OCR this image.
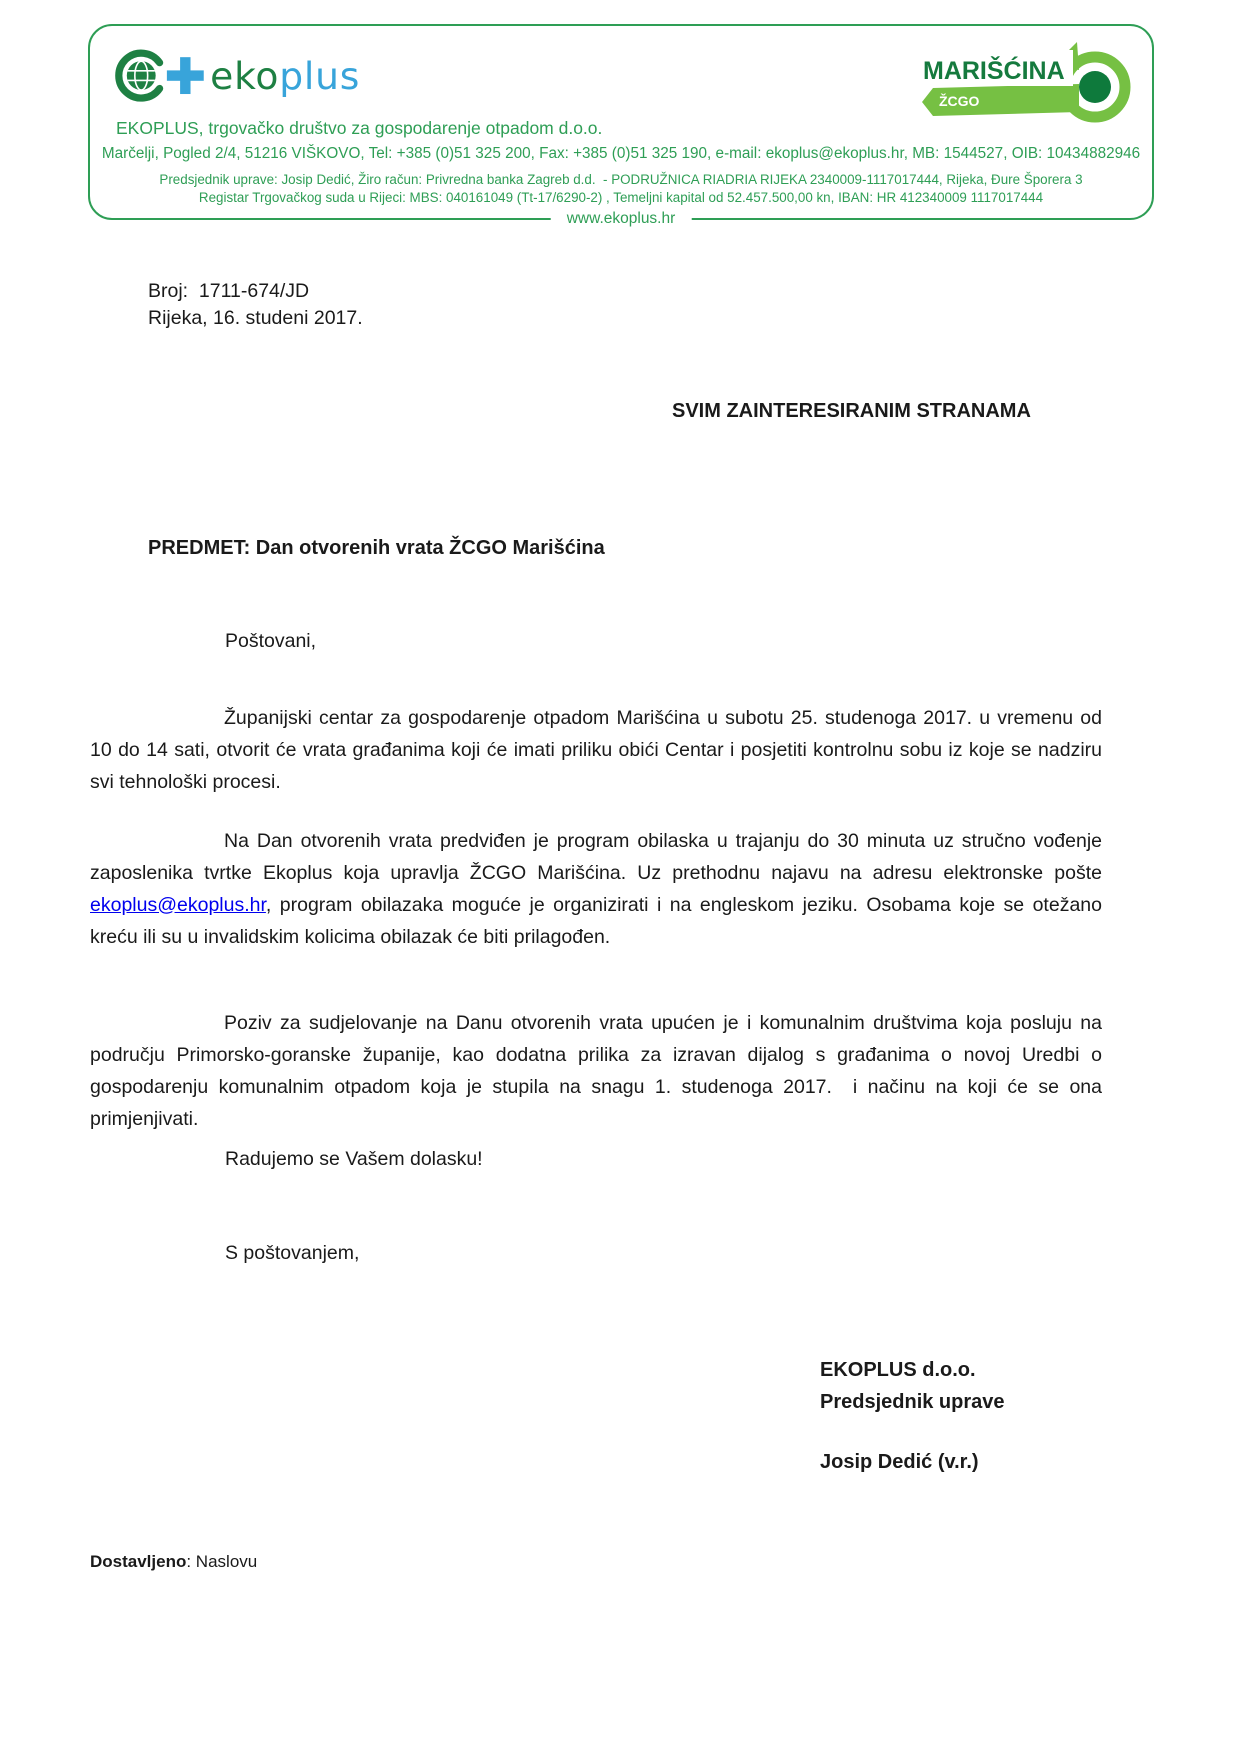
ekoplus	MARIŠĆINA
ŽCGO
EKOPLUS, trgovačko društvo za gospodarenje otpadom d.o.o.
Marčelji, Pogled 2/4, 51216 VIŠKOVO, Tel: +385 (0)51 325 200, Fax: +385 (0)51 325 190, e-mail: ekoplus@ekoplus.hr, MB: 1544527, OIB: 10434882946
Predsjednik uprave: Josip Dedić, Žiro račun: Privredna banka Zagreb d.d.  - PODRUŽNICA RIADRIA RIJEKA 2340009-1117017444, Rijeka, Đure Šporera 3
Registar Trgovačkog suda u Rijeci: MBS: 040161049 (Tt-17/6290-2) , Temeljni kapital od 52.457.500,00 kn, IBAN: HR 412340009 1117017444
www.ekoplus.hr
Broj:  1711-674/JD
Rijeka, 16. studeni 2017.
SVIM ZAINTERESIRANIM STRANAMA
PREDMET: Dan otvorenih vrata ŽCGO Marišćina
Poštovani,

Županijski centar za gospodarenje otpadom Marišćina u subotu 25. studenoga 2017. u vremenu od 10 do 14 sati, otvorit će vrata građanima koji će imati priliku obići Centar i posjetiti kontrolnu sobu iz koje se nadziru svi tehnološki procesi.

Na Dan otvorenih vrata predviđen je program obilaska u trajanju do 30 minuta uz stručno vođenje zaposlenika tvrtke Ekoplus koja upravlja ŽCGO Marišćina. Uz prethodnu najavu na adresu elektronske pošte ekoplus@ekoplus.hr, program obilazaka moguće je organizirati i na engleskom jeziku. Osobama koje se otežano kreću ili su u invalidskim kolicima obilazak će biti prilagođen.

Poziv za sudjelovanje na Danu otvorenih vrata upućen je i komunalnim društvima koja posluju na području Primorsko-goranske županije, kao dodatna prilika za izravan dijalog s građanima o novoj Uredbi o gospodarenju komunalnim otpadom koja je stupila na snagu 1. studenoga 2017.  i načinu na koji će se ona primjenjivati.

Radujemo se Vašem dolasku!
S poštovanjem,
EKOPLUS d.o.o.
Predsjednik uprave
Josip Dedić (v.r.)
Dostavljeno: Naslovu
